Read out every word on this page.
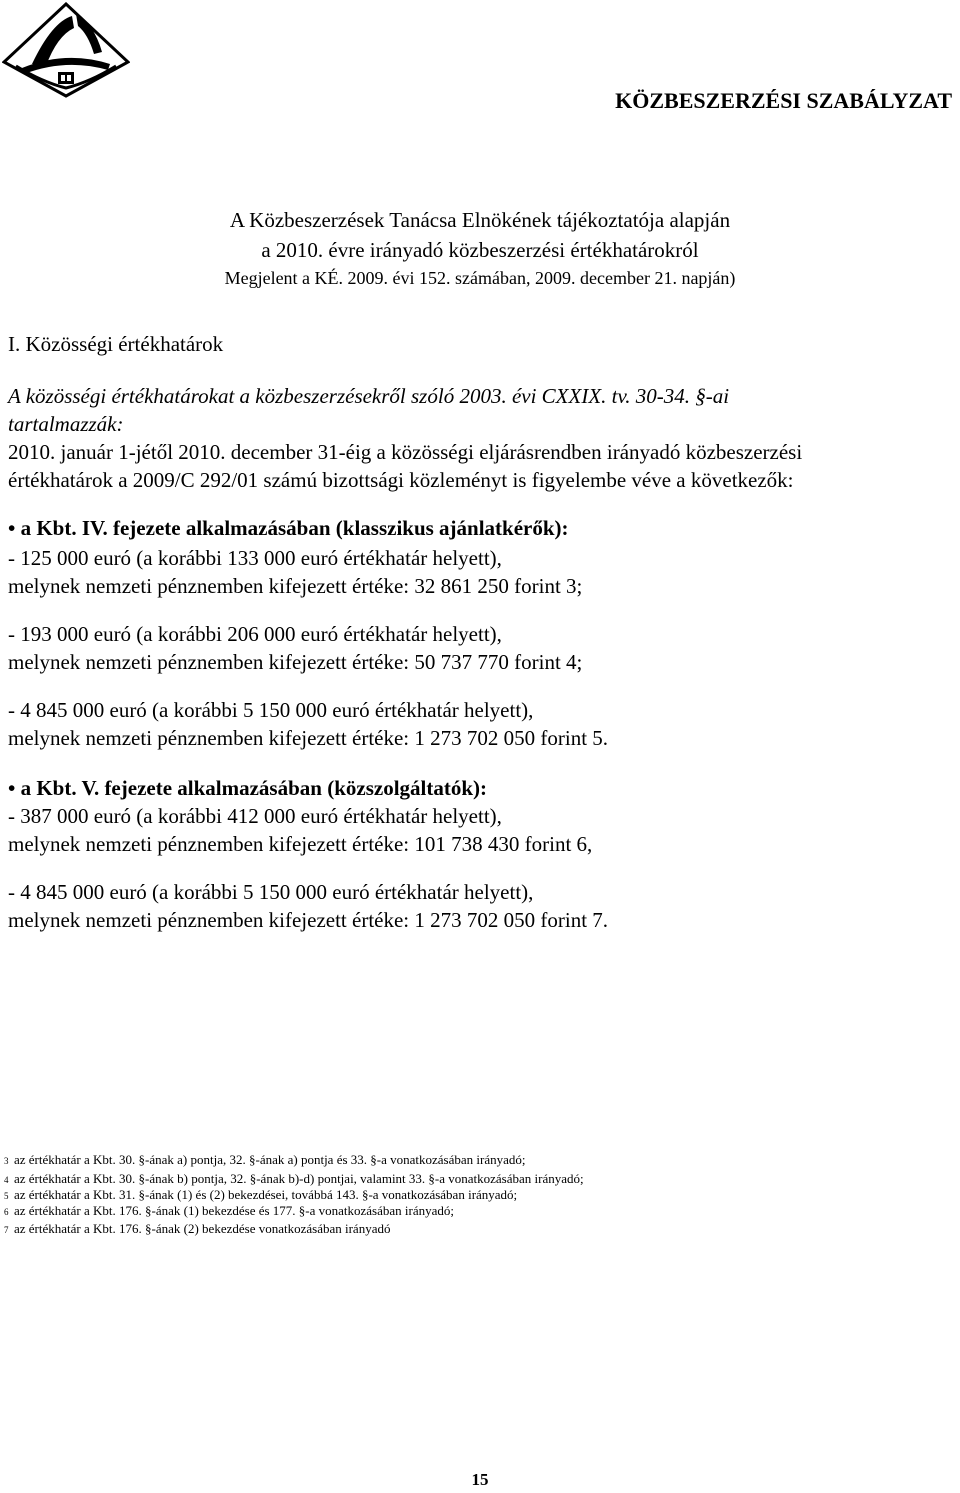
KÖZBESZERZÉSI SZABÁLYZAT
A Közbeszerzések Tanácsa Elnökének tájékoztatója alapján
a 2010. évre irányadó közbeszerzési értékhatárokról
Megjelent a KÉ. 2009. évi 152. számában, 2009. december 21. napján)
I. Közösségi értékhatárok
A közösségi értékhatárokat a közbeszerzésekről szóló 2003. évi CXXIX. tv. 30-34. §-ai
tartalmazzák:
2010. január 1-jétől 2010. december 31-éig a közösségi eljárásrendben irányadó közbeszerzési
értékhatárok a 2009/C 292/01 számú bizottsági közleményt is figyelembe véve a következők:
• a Kbt. IV. fejezete alkalmazásában (klasszikus ajánlatkérők):
- 125 000 euró (a korábbi 133 000 euró értékhatár helyett),
melynek nemzeti pénznemben kifejezett értéke: 32 861 250 forint 3;
- 193 000 euró (a korábbi 206 000 euró értékhatár helyett),
melynek nemzeti pénznemben kifejezett értéke: 50 737 770 forint 4;
- 4 845 000 euró (a korábbi 5 150 000 euró értékhatár helyett),
melynek nemzeti pénznemben kifejezett értéke: 1 273 702 050 forint 5.
• a Kbt. V. fejezete alkalmazásában (közszolgáltatók):
- 387 000 euró (a korábbi 412 000 euró értékhatár helyett),
melynek nemzeti pénznemben kifejezett értéke: 101 738 430 forint 6,
- 4 845 000 euró (a korábbi 5 150 000 euró értékhatár helyett),
melynek nemzeti pénznemben kifejezett értéke: 1 273 702 050 forint 7.
3 az értékhatár a Kbt. 30. §-ának a) pontja, 32. §-ának a) pontja és 33. §-a vonatkozásában irányadó;
4 az értékhatár a Kbt. 30. §-ának b) pontja, 32. §-ának b)-d) pontjai, valamint 33. §-a vonatkozásában irányadó;
5 az értékhatár a Kbt. 31. §-ának (1) és (2) bekezdései, továbbá 143. §-a vonatkozásában irányadó;
6 az értékhatár a Kbt. 176. §-ának (1) bekezdése és 177. §-a vonatkozásában irányadó;
7 az értékhatár a Kbt. 176. §-ának (2) bekezdése vonatkozásában irányadó
15
